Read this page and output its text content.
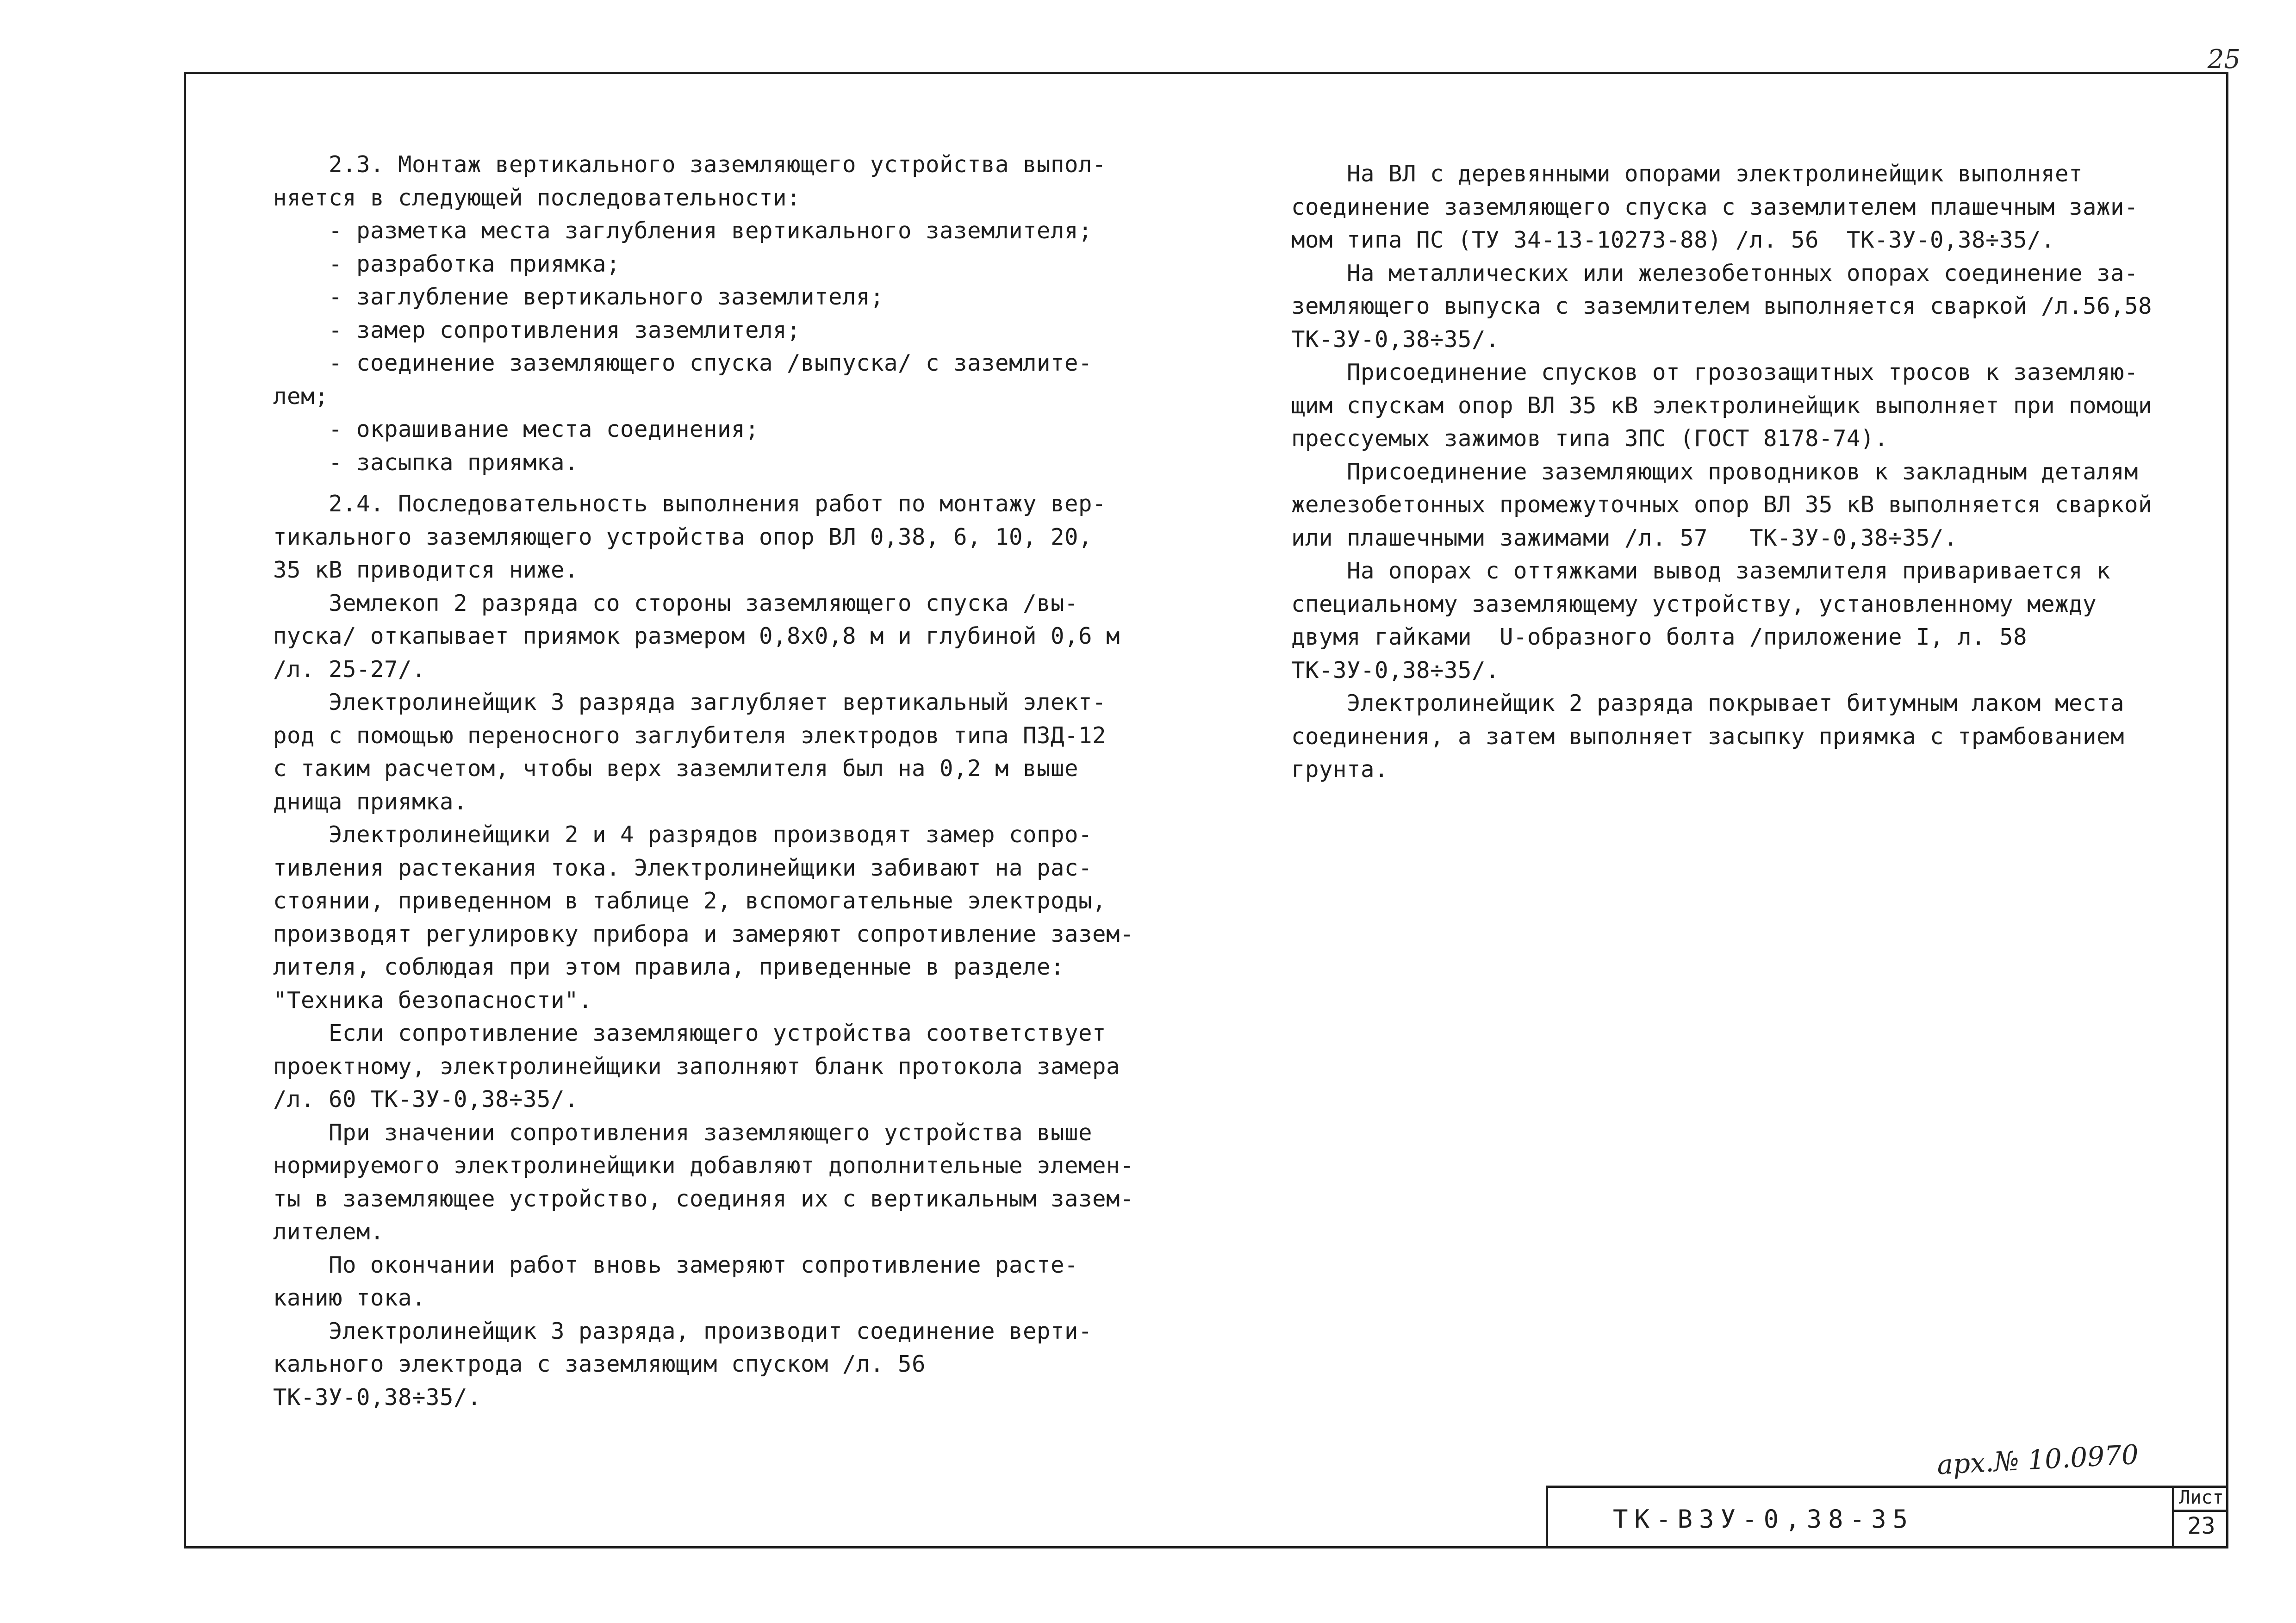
25
2.3. Монтаж вертикального заземляющего устройства выпол-
няется в следующей последовательности:
- разметка места заглубления вертикального заземлителя;
- разработка приямка;
- заглубление вертикального заземлителя;
- замер сопротивления заземлителя;
- соединение заземляющего спуска /выпуска/ с заземлите-
лем;
- окрашивание места соединения;
- засыпка приямка.
2.4. Последовательность выполнения работ по монтажу вер-
тикального заземляющего устройства опор ВЛ 0,38, 6, 10, 20,
35 кВ приводится ниже.
Землекоп 2 разряда со стороны заземляющего спуска /вы-
пуска/ откапывает приямок размером 0,8х0,8 м и глубиной 0,6 м
/л. 25-27/.
Электролинейщик 3 разряда заглубляет вертикальный элект-
род с помощью переносного заглубителя электродов типа ПЗД-12
с таким расчетом, чтобы верх заземлителя был на 0,2 м выше
днища приямка.
Электролинейщики 2 и 4 разрядов производят замер сопро-
тивления растекания тока. Электролинейщики забивают на рас-
стоянии, приведенном в таблице 2, вспомогательные электроды,
производят регулировку прибора и замеряют сопротивление зазем-
лителя, соблюдая при этом правила, приведенные в разделе:
"Техника безопасности".
Если сопротивление заземляющего устройства соответствует
проектному, электролинейщики заполняют бланк протокола замера
/л. 60 ТК-ЗУ-0,38÷35/.
При значении сопротивления заземляющего устройства выше
нормируемого электролинейщики добавляют дополнительные элемен-
ты в заземляющее устройство, соединяя их с вертикальным зазем-
лителем.
По окончании работ вновь замеряют сопротивление расте-
канию тока.
Электролинейщик 3 разряда, производит соединение верти-
кального электрода с заземляющим спуском /л. 56
ТК-ЗУ-0,38÷35/.
На ВЛ с деревянными опорами электролинейщик выполняет
соединение заземляющего спуска с заземлителем плашечным зажи-
мом типа ПС (ТУ 34-13-10273-88) /л. 56  ТК-ЗУ-0,38÷35/.
На металлических или железобетонных опорах соединение за-
земляющего выпуска с заземлителем выполняется сваркой /л.56,58
ТК-ЗУ-0,38÷35/.
Присоединение спусков от грозозащитных тросов к заземляю-
щим спускам опор ВЛ 35 кВ электролинейщик выполняет при помощи
прессуемых зажимов типа ЗПС (ГОСТ 8178-74).
Присоединение заземляющих проводников к закладным деталям
железобетонных промежуточных опор ВЛ 35 кВ выполняется сваркой
или плашечными зажимами /л. 57   ТК-ЗУ-0,38÷35/.
На опорах с оттяжками вывод заземлителя приваривается к
специальному заземляющему устройству, установленному между
двумя гайками  U-образного болта /приложение I, л. 58
ТК-ЗУ-0,38÷35/.
Электролинейщик 2 разряда покрывает битумным лаком места
соединения, а затем выполняет засыпку приямка с трамбованием
грунта.
арх.№ 10.0970
ТК-ВЗУ-0,38-35
Лист
23
